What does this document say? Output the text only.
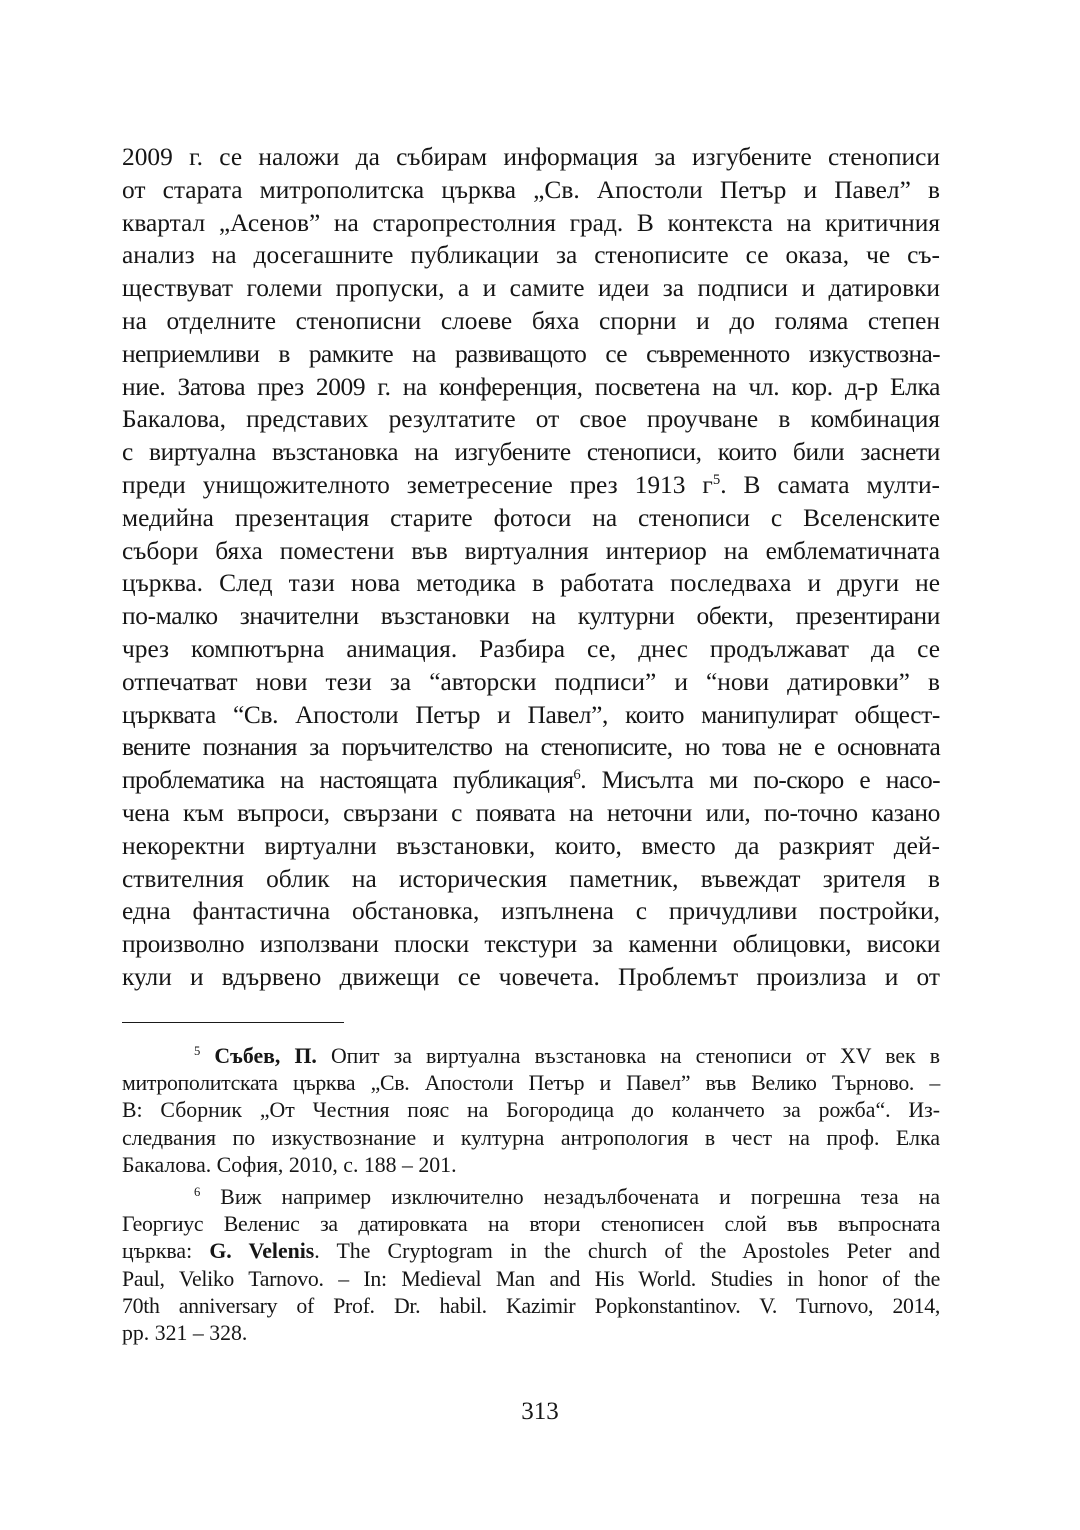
2009 г. се наложи да събирам информация за изгубените стенописи
от старата митрополитска църква „Св. Апостоли Петър и Павел” в
квартал „Асенов” на старопрестолния град. В контекста на критичния
анализ на досегашните публикации за стенописите се оказа, че съ-
ществуват големи пропуски, а и самите идеи за подписи и датировки
на отделните стенописни слоеве бяха спорни и до голяма степен
неприемливи в рамките на развиващото се съвременното изкуствозна-
ние. Затова през 2009 г. на конференция, посветена на чл. кор. д-р Елка
Бакалова, представих резултатите от свое проучване в комбинация
с виртуална възстановка на изгубените стенописи, които били заснети
преди унищожителното земетресение през 1913 $г^5$. В самата мулти-
медийна презентация старите фотоси на стенописи с Вселенските
събори бяха поместени във виртуалния интериор на емблематичната
църква. След тази нова методика в работата последваха и други не
по-малко значителни възстановки на културни обекти, презентирани
чрез компютърна анимация. Разбира се, днес продължават да се
отпечатват нови тези за “авторски подписи” и “нови датировки” в
църквата “Св. Апостоли Петър и Павел”, които манипулират общест-
вените познания за поръчителство на стенописите, но това не е основната
проблематика на настоящата публикация$^6$. Мисълта ми по-скоро е насо-
чена към въпроси, свързани с появата на неточни или, по-точно казано
некоректни виртуални възстановки, които, вместо да разкрият дей-
ствителния облик на историческия паметник, въвеждат зрителя в
една фантастична обстановка, изпълнена с причудливи постройки,
произволно използвани плоски текстури за каменни облицовки, високи
кули и вдървено движещи се човечета. Проблемът произлиза и от
$^5$ Събев, П. Опит за виртуална възстановка на стенописи от XV век в
митрополитската църква „Св. Апостоли Петър и Павел” във Велико Търново. –
В: Сборник „От Честния пояс на Богородица до коланчето за рожба“. Из-
следвания по изкуствознание и културна антропология в чест на проф. Елка
Бакалова. София, 2010, с. 188 – 201.
$^6$ Виж например изключително незадълбочената и погрешна теза на
Георгиус Веленис за датировката на втори стенописен слой във въпросната
църква: G. Velenis. The Cryptogram in the church of the Apostoles Peter and
Paul, Veliko Tarnovo. – In: Medieval Man and His World. Studies in honor of the
70th anniversary of Prof. Dr. habil. Kazimir Popkonstantinov. V. Turnovo, 2014,
pp. 321 – 328.
313
